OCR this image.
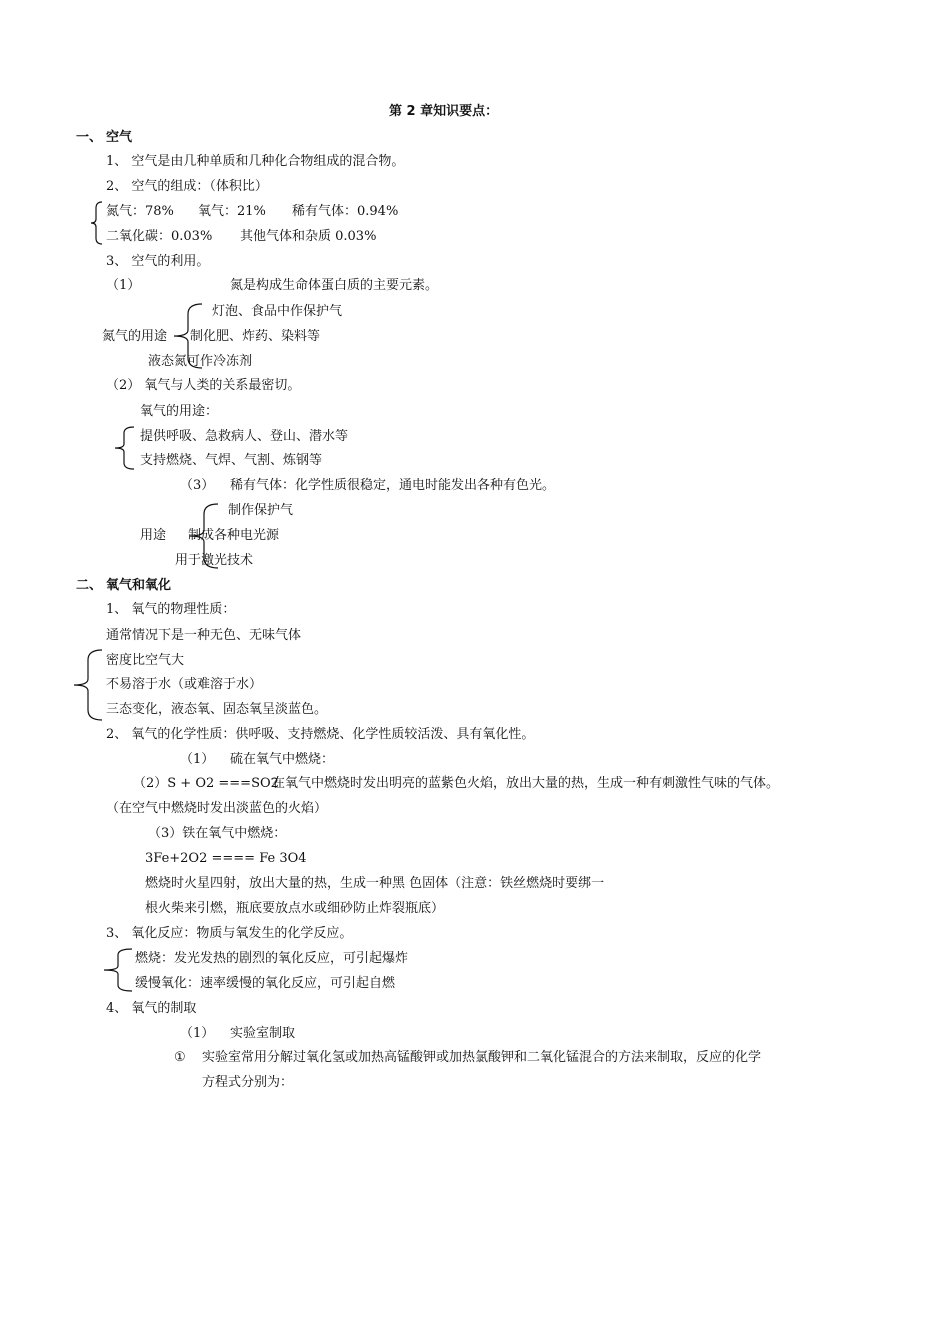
第 2 章知识要点：
一、 空气
1、 空气是由几种单质和几种化合物组成的混合物。
2、 空气的组成：（体积比）
氮气：78% 氧气：21% 稀有气体：0.94%
二氧化碳：0.03% 其他气体和杂质 0.03%
3、 空气的利用。
（1）	氮是构成生命体蛋白质的主要元素。
灯泡、食品中作保护气
氮气的用途 制化肥、炸药、染料等
液态氮可作冷冻剂
（2） 氧气与人类的关系最密切。
氧气的用途：
提供呼吸、急救病人、登山、潜水等
支持燃烧、气焊、气割、炼钢等
（3） 稀有气体：化学性质很稳定，通电时能发出各种有色光。
制作保护气
用途 制成各种电光源
用于激光技术
二、 氧气和氧化
1、 氧气的物理性质：
通常情况下是一种无色、无味气体
密度比空气大
不易溶于水（或难溶于水）
三态变化，液态氧、固态氧呈淡蓝色。
2、 氧气的化学性质：供呼吸、支持燃烧、化学性质较活泼、具有氧化性。
（1） 硫在氧气中燃烧：
（2）S + O2 ===SO2
在氧气中燃烧时发出明亮的蓝紫色火焰，放出大量的热，生成一种有刺激性气味的气体。
（在空气中燃烧时发出淡蓝色的火焰）
（3）铁在氧气中燃烧：
3Fe+2O2 ==== Fe 3O4
燃烧时火星四射，放出大量的热，生成一种黑 色固体（注意：铁丝燃烧时要绑一
根火柴来引燃，瓶底要放点水或细砂防止炸裂瓶底）
3、 氧化反应：物质与氧发生的化学反应。
燃烧：发光发热的剧烈的氧化反应，可引起爆炸
缓慢氧化：速率缓慢的氧化反应，可引起自燃
4、 氧气的制取
（1） 实验室制取
① 实验室常用分解过氧化氢或加热高锰酸钾或加热氯酸钾和二氧化锰混合的方法来制取，反应的化学
方程式分别为：
